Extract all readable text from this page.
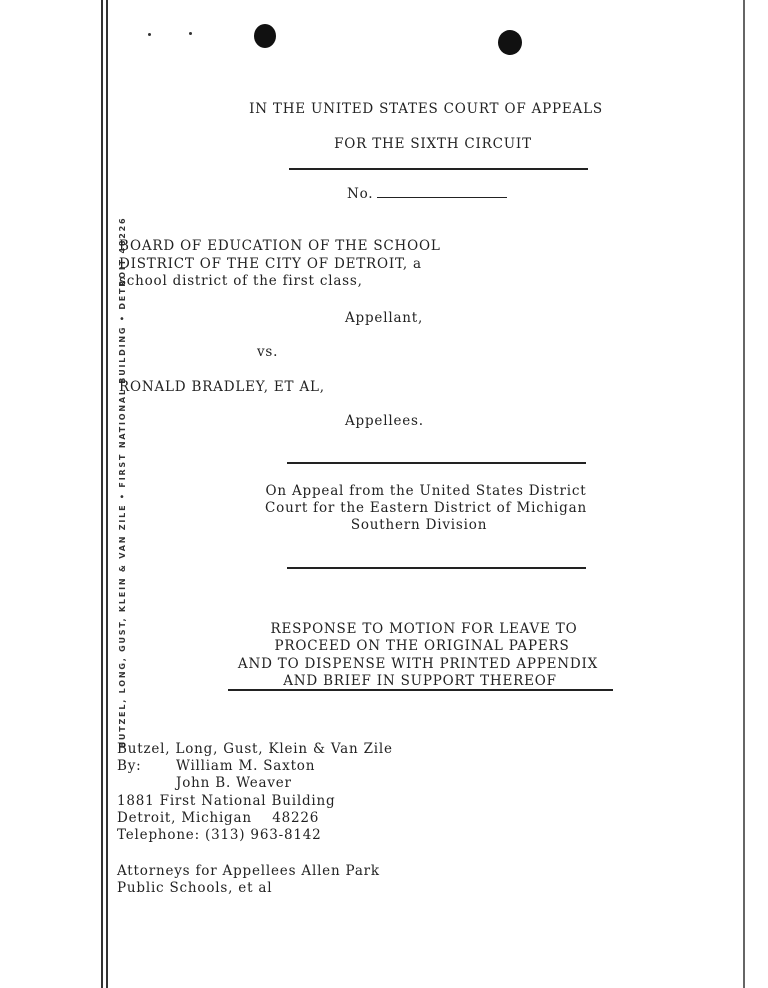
BUTZEL, LONG, GUST, KLEIN & VAN ZILE • FIRST NATIONAL BUILDING • DETROIT 48226
IN THE UNITED STATES COURT OF APPEALS
FOR THE SIXTH CIRCUIT
No.
BOARD OF EDUCATION OF THE SCHOOL
DISTRICT OF THE CITY OF DETROIT, a
school district of the first class,
Appellant,
vs.
RONALD BRADLEY, ET AL,
Appellees.
On Appeal from the United States District
Court for the Eastern District of Michigan
Southern Division
RESPONSE TO MOTION FOR LEAVE TO
PROCEED ON THE ORIGINAL PAPERS
AND TO DISPENSE WITH PRINTED APPENDIX
AND BRIEF IN SUPPORT THEREOF
Butzel, Long, Gust, Klein & Van Zile
By:	William M. Saxton
John B. Weaver
1881 First National Building
Detroit, Michigan    48226
Telephone: (313) 963-8142
Attorneys for Appellees Allen Park
Public Schools, et al
